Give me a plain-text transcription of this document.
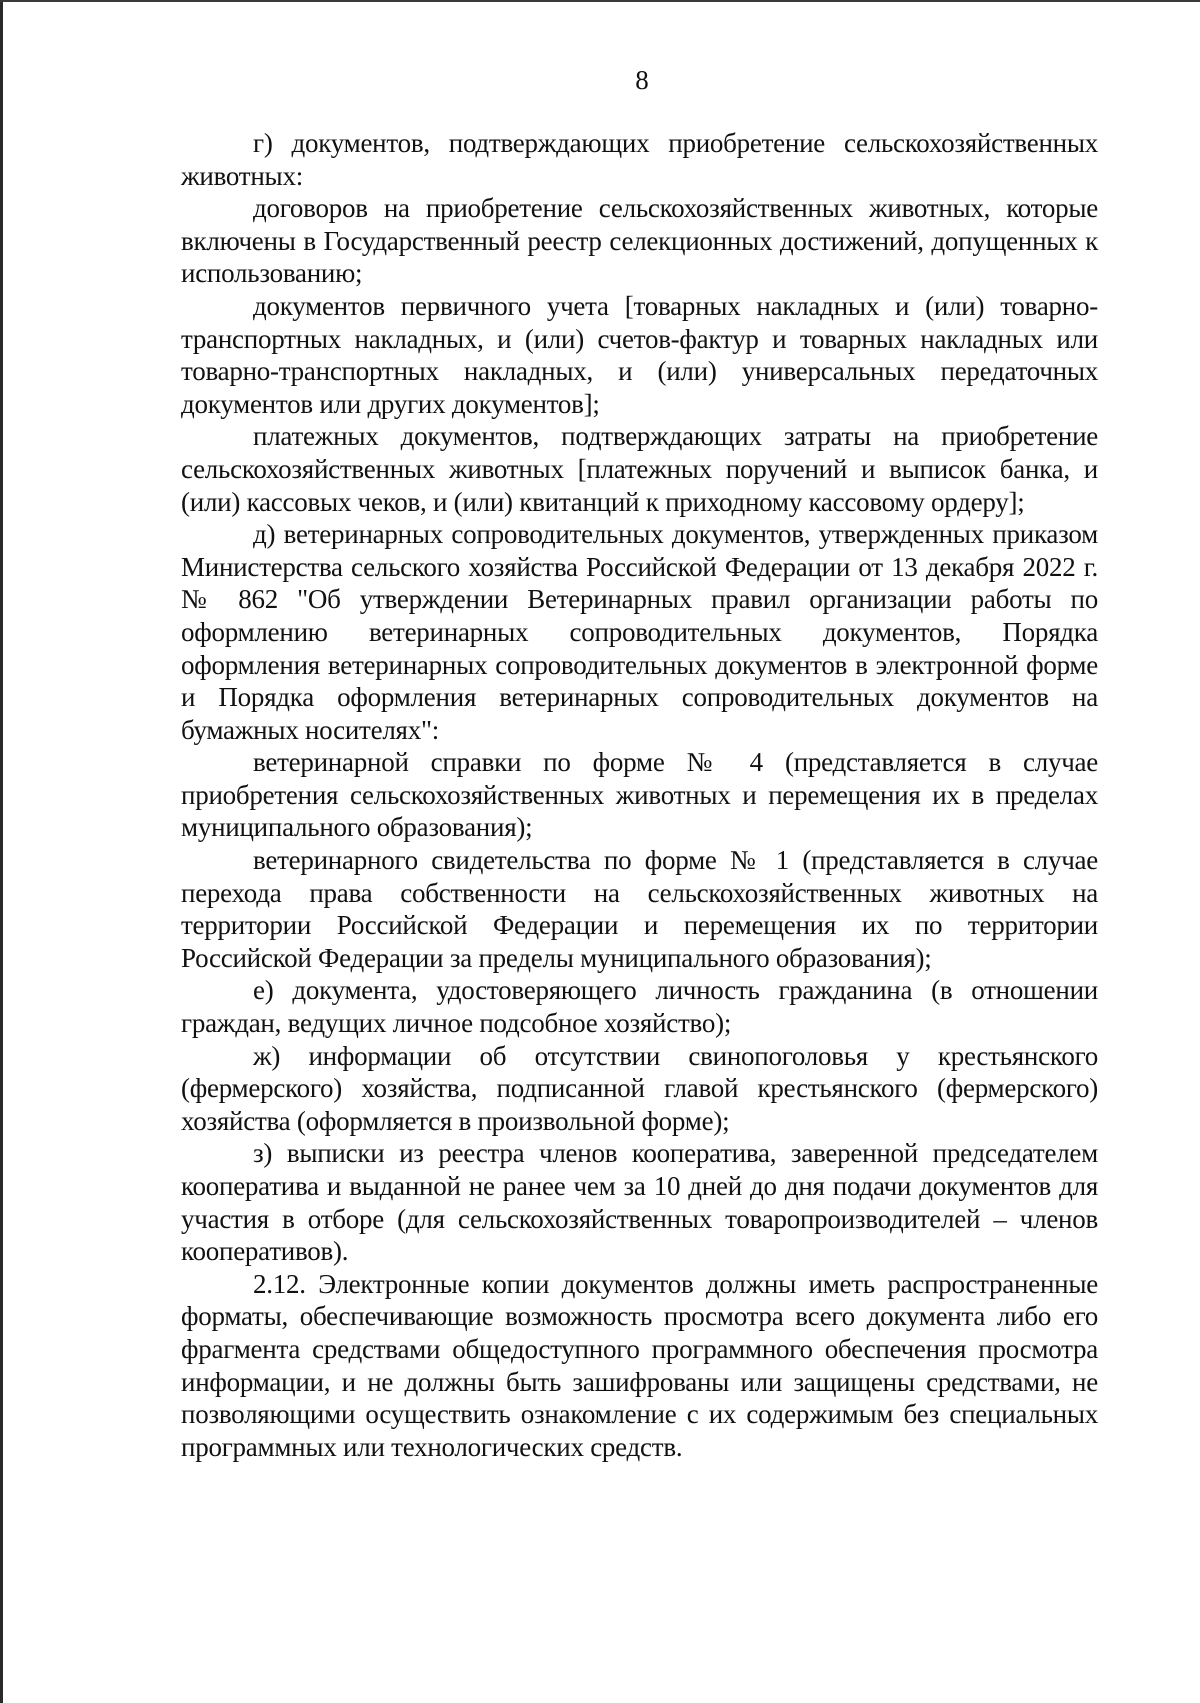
8

г) документов, подтверждающих приобретение сельскохозяйственных животных:

договоров на приобретение сельскохозяйственных животных, которые включены в Государственный реестр селекционных достижений, допущенных к использованию;

документов первичного учета [товарных накладных и (или) товарно-транспортных накладных, и (или) счетов-фактур и товарных накладных или товарно-транспортных накладных, и (или) универсальных передаточных документов или других документов];

платежных документов, подтверждающих затраты на приобретение сельскохозяйственных животных [платежных поручений и выписок банка, и (или) кассовых чеков, и (или) квитанций к приходному кассовому ордеру];

д) ветеринарных сопроводительных документов, утвержденных приказом Министерства сельского хозяйства Российской Федерации от 13 декабря 2022 г. № 862 "Об утверждении Ветеринарных правил организации работы по оформлению ветеринарных сопроводительных документов, Порядка оформления ветеринарных сопроводительных документов в электронной форме и Порядка оформления ветеринарных сопроводительных документов на бумажных носителях":

ветеринарной справки по форме № 4 (представляется в случае приобретения сельскохозяйственных животных и перемещения их в пределах муниципального образования);

ветеринарного свидетельства по форме № 1 (представляется в случае перехода права собственности на сельскохозяйственных животных на территории Российской Федерации и перемещения их по территории Российской Федерации за пределы муниципального образования);

е) документа, удостоверяющего личность гражданина (в отношении граждан, ведущих личное подсобное хозяйство);

ж) информации об отсутствии свинопоголовья у крестьянского (фермерского) хозяйства, подписанной главой крестьянского (фермерского) хозяйства (оформляется в произвольной форме);

з) выписки из реестра членов кооператива, заверенной председателем кооператива и выданной не ранее чем за 10 дней до дня подачи документов для участия в отборе (для сельскохозяйственных товаропроизводителей – членов кооперативов).

2.12. Электронные копии документов должны иметь распространенные форматы, обеспечивающие возможность просмотра всего документа либо его фрагмента средствами общедоступного программного обеспечения просмотра информации, и не должны быть зашифрованы или защищены средствами, не позволяющими осуществить ознакомление с их содержимым без специальных программных или технологических средств.
